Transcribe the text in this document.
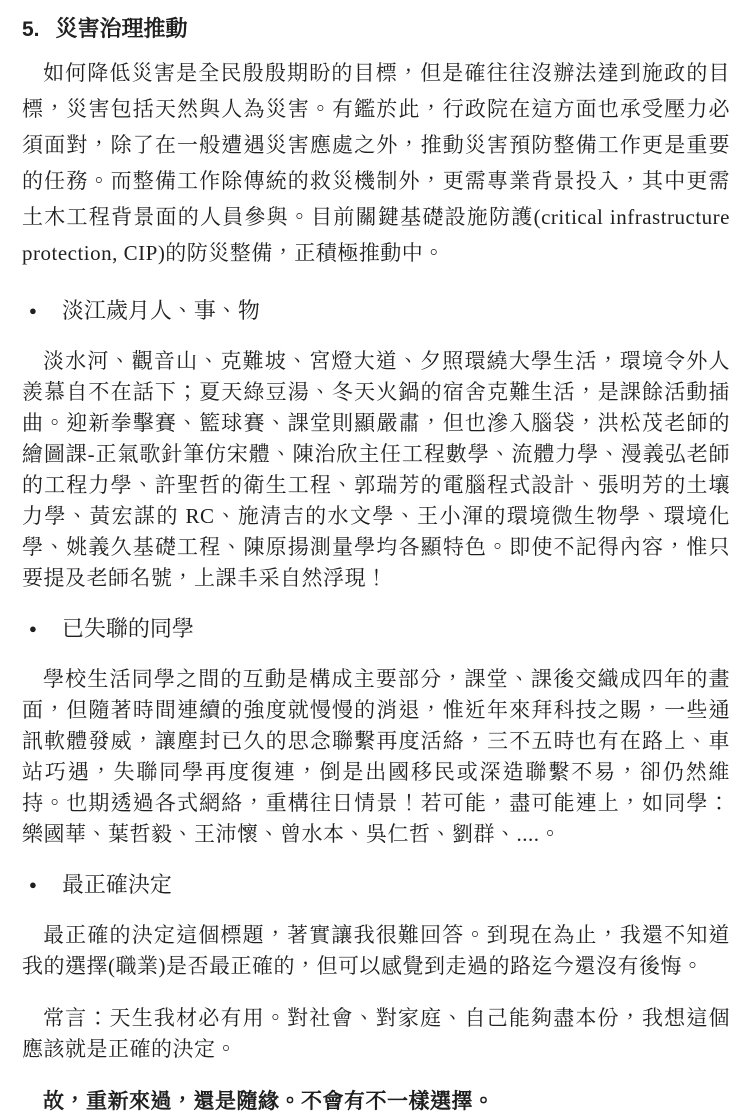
5. 災害治理推動

如何降低災害是全民殷殷期盼的目標，但是確往往沒辦法達到施政的目標，災害包括天然與人為災害。有鑑於此，行政院在這方面也承受壓力必須面對，除了在一般遭遇災害應處之外，推動災害預防整備工作更是重要的任務。而整備工作除傳統的救災機制外，更需專業背景投入，其中更需土木工程背景面的人員參與。目前關鍵基礎設施防護(critical infrastructure protection, CIP)的防災整備，正積極推動中。

● 淡江歲月人、事、物

淡水河、觀音山、克難坡、宮燈大道、夕照環繞大學生活，環境令外人羨慕自不在話下；夏天綠豆湯、冬天火鍋的宿舍克難生活，是課餘活動插曲。迎新拳擊賽、籃球賽、課堂則顯嚴肅，但也滲入腦袋，洪松茂老師的繪圖課-正氣歌針筆仿宋體、陳治欣主任工程數學、流體力學、漫義弘老師的工程力學、許聖哲的衛生工程、郭瑞芳的電腦程式設計、張明芳的土壤力學、黃宏謀的 RC、施清吉的水文學、王小渾的環境微生物學、環境化學、姚義久基礎工程、陳原揚測量學均各顯特色。即使不記得內容，惟只要提及老師名號，上課丰采自然浮現！

● 已失聯的同學

學校生活同學之間的互動是構成主要部分，課堂、課後交織成四年的畫面，但隨著時間連續的強度就慢慢的消退，惟近年來拜科技之賜，一些通訊軟體發威，讓塵封已久的思念聯繫再度活絡，三不五時也有在路上、車站巧遇，失聯同學再度復連，倒是出國移民或深造聯繫不易，卻仍然維持。也期透過各式網絡，重構往日情景！若可能，盡可能連上，如同學：樂國華、葉哲毅、王沛懷、曾水本、吳仁哲、劉群、....。

● 最正確決定

最正確的決定這個標題，著實讓我很難回答。到現在為止，我還不知道我的選擇(職業)是否最正確的，但可以感覺到走過的路迄今還沒有後悔。

常言：天生我材必有用。對社會、對家庭、自己能夠盡本份，我想這個應該就是正確的決定。

故，重新來過，還是隨緣。不會有不一樣選擇。
